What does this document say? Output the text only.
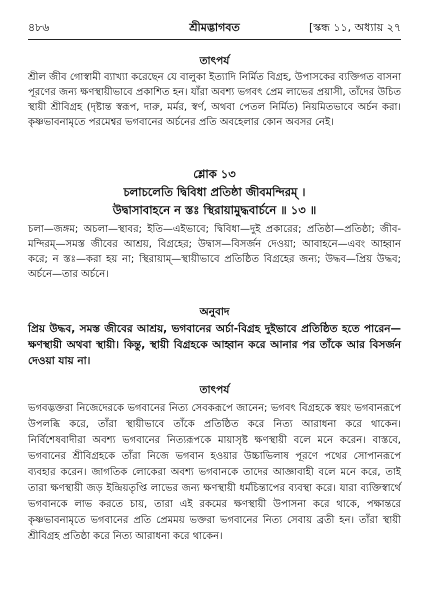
৪৮৬	শ্রীমদ্ভাগবত	[স্কন্ধ ১১, অধ্যায় ২৭
তাৎপর্য

শ্রীল জীব গোস্বামী ব্যাখ্যা করেছেন যে বালুকা ইত্যাদি নির্মিত বিগ্রহ, উপাসকের ব্যক্তিগত বাসনা পূরণের জন্য ক্ষণস্থায়ীভাবে প্রকাশিত হন। যাঁরা অবশ্য ভগবৎ প্রেম লাভের প্রয়াসী, তাঁদের উচিত স্থায়ী শ্রীবিগ্রহ (দৃষ্টান্ত স্বরূপ, দারু, মর্মর, স্বর্ণ, অথবা পেতল নির্মিত) নিয়মিতভাবে অর্চন করা। কৃষ্ণভাবনামৃতে পরমেশ্বর ভগবানের অর্চনের প্রতি অবহেলার কোন অবসর নেই।

শ্লোক ১৩
চলাচলেতি দ্বিবিধা প্রতিষ্ঠা জীবমন্দিরম্ ।
উদ্বাসাবাহনে ন স্তঃ স্থিরায়ামুদ্ধবার্চনে ॥ ১৩ ॥

চলা—জঙ্গম; অচলা—স্থাবর; ইতি—এইভাবে; দ্বিবিধা—দুই প্রকারের; প্রতিষ্ঠা—প্রতিষ্ঠা; জীব-মন্দিরম্—সমস্ত জীবের আশ্রয়, বিগ্রহের; উদ্বাস—বিসর্জন দেওয়া; আবাহনে—এবং আহ্বান করে; ন স্তঃ—করা হয় না; স্থিরায়াম্—স্থায়ীভাবে প্রতিষ্ঠিত বিগ্রহের জন্য; উদ্ধব—প্রিয় উদ্ধব; অর্চনে—তার অর্চনে।

অনুবাদ

প্রিয় উদ্ধব, সমস্ত জীবের আশ্রয়, ভগবানের অর্চা-বিগ্রহ দুইভাবে প্রতিষ্ঠিত হতে পারেন—ক্ষণস্থায়ী অথবা স্থায়ী। কিন্তু, স্থায়ী বিগ্রহকে আহ্বান করে আনার পর তাঁকে আর বিসর্জন দেওয়া যায় না।

তাৎপর্য

ভগবদ্ভক্তরা নিজেদেরকে ভগবানের নিত্য সেবকরূপে জানেন; ভগবৎ বিগ্রহকে স্বয়ং ভগবানরূপে উপলব্ধি করে, তাঁরা স্থায়ীভাবে তাঁকে প্রতিষ্ঠিত করে নিত্য আরাধনা করে থাকেন। নির্বিশেষবাদীরা অবশ্য ভগবানের নিত্যরূপকে মায়াসৃষ্ট ক্ষণস্থায়ী বলে মনে করেন। বাস্তবে, ভগবানের শ্রীবিগ্রহকে তাঁরা নিজে ভগবান হওয়ার উচ্চাভিলাষ পূরণে পথের সোপানরূপে ব্যবহার করেন। জাগতিক লোকেরা অবশ্য ভগবানকে তাদের আজ্ঞাবাহী বলে মনে করে, তাই তারা ক্ষণস্থায়ী জড় ইন্দ্রিয়তৃপ্তি লাভের জন্য ক্ষণস্থায়ী ধর্মচিন্তাপের ব্যবস্থা করে। যারা ব্যক্তিস্বার্থে ভগবানকে লাভ করতে চায়, তারা এই রকমের ক্ষণস্থায়ী উপাসনা করে থাকে, পক্ষান্তরে কৃষ্ণভাবনামৃতে ভগবানের প্রতি প্রেমময় ভক্তরা ভগবানের নিত্য সেবায় ব্রতী হন। তাঁরা স্থায়ী শ্রীবিগ্রহ প্রতিষ্ঠা করে নিত্য আরাধনা করে থাকেন।
